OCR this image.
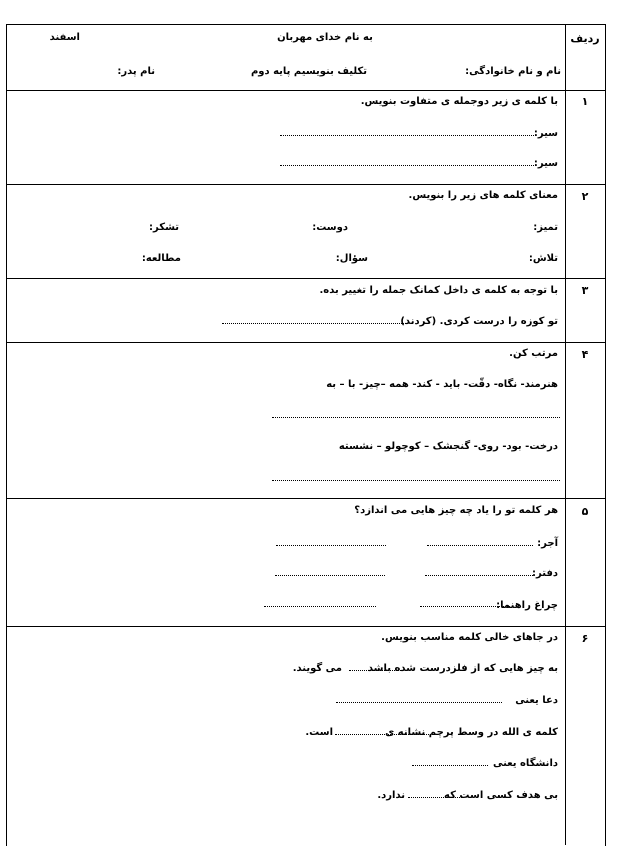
ردیف
به نام خدای مهربان
اسفند
نام و نام خانوادگی:
تکلیف بنویسیم پایه دوم
نام پدر:
۱
با کلمه ی زیر دوجمله ی متفاوت بنویس.
سیر:
سیر:
۲
معنای کلمه های زیر را بنویس.
تمیز:
دوست:
تشکر:
تلاش:
سؤال:
مطالعه:
۳
با توجه به کلمه ی داخل کمانک جمله را تغییر بده.
تو کوزه را درست کردی. (کردند)
۴
مرتب کن.
هنرمند- نگاه- دقّت- باید - کند- همه –چیز- با – به
درخت- بود- روی- گنجشک – کوچولو – نشسته
۵
هر کلمه تو را یاد چه چیز هایی می اندازد؟
آجر:
دفتر:
چراغ راهنما:
۶
در جاهای خالی کلمه مناسب بنویس.
به چیز هایی که از فلزدرست شده باشد
می گویند.
دعا یعنی
کلمه ی الله در وسط پرچم نشانه ی
است.
دانشگاه یعنی
بی هدف کسی است که
ندارد.
